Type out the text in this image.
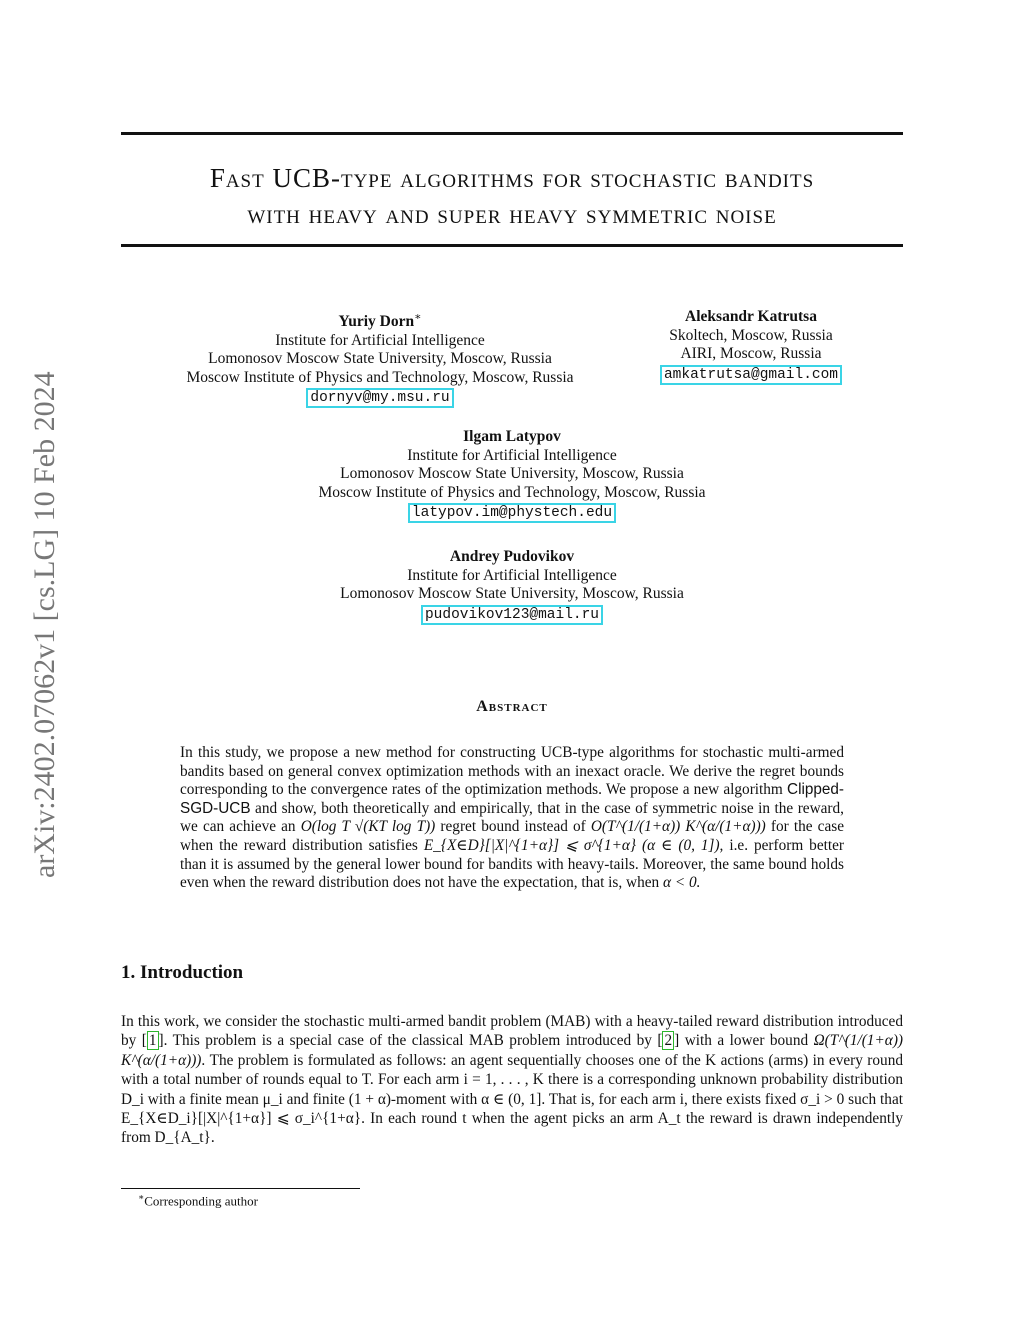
arXiv:2402.07062v1 [cs.LG] 10 Feb 2024
Fast UCB-type algorithms for stochastic bandits
with heavy and super heavy symmetric noise
Yuriy Dorn∗
Institute for Artificial Intelligence
Lomonosov Moscow State University, Moscow, Russia
Moscow Institute of Physics and Technology, Moscow, Russia
dornyv@my.msu.ru
Aleksandr Katrutsa
Skoltech, Moscow, Russia
AIRI, Moscow, Russia
amkatrutsa@gmail.com
Ilgam Latypov
Institute for Artificial Intelligence
Lomonosov Moscow State University, Moscow, Russia
Moscow Institute of Physics and Technology, Moscow, Russia
latypov.im@phystech.edu
Andrey Pudovikov
Institute for Artificial Intelligence
Lomonosov Moscow State University, Moscow, Russia
pudovikov123@mail.ru
Abstract
In this study, we propose a new method for constructing UCB-type algorithms for stochastic multi-armed bandits based on general convex optimization methods with an inexact oracle. We derive the regret bounds corresponding to the convergence rates of the optimization methods. We propose a new algorithm Clipped-SGD-UCB and show, both theoretically and empirically, that in the case of symmetric noise in the reward, we can achieve an O(log T √(KT log T)) regret bound instead of O(T^(1/(1+α)) K^(α/(1+α))) for the case when the reward distribution satisfies E_{X∈D}[|X|^{1+α}] ⩽ σ^{1+α} (α ∈ (0, 1]), i.e. perform better than it is assumed by the general lower bound for bandits with heavy-tails. Moreover, the same bound holds even when the reward distribution does not have the expectation, that is, when α < 0.
1. Introduction
In this work, we consider the stochastic multi-armed bandit problem (MAB) with a heavy-tailed reward distribution introduced by [ 1 ]. This problem is a special case of the classical MAB problem introduced by [ 2 ] with a lower bound Ω(T^(1/(1+α)) K^(α/(1+α))). The problem is formulated as follows: an agent sequentially chooses one of the K actions (arms) in every round with a total number of rounds equal to T. For each arm i = 1, . . . , K there is a corresponding unknown probability distribution D_i with a finite mean μ_i and finite (1 + α)-moment with α ∈ (0, 1]. That is, for each arm i, there exists fixed σ_i > 0 such that E_{X∈D_i}[|X|^{1+α}] ⩽ σ_i^{1+α}. In each round t when the agent picks an arm A_t the reward is drawn independently from D_{A_t}.
∗Corresponding author
